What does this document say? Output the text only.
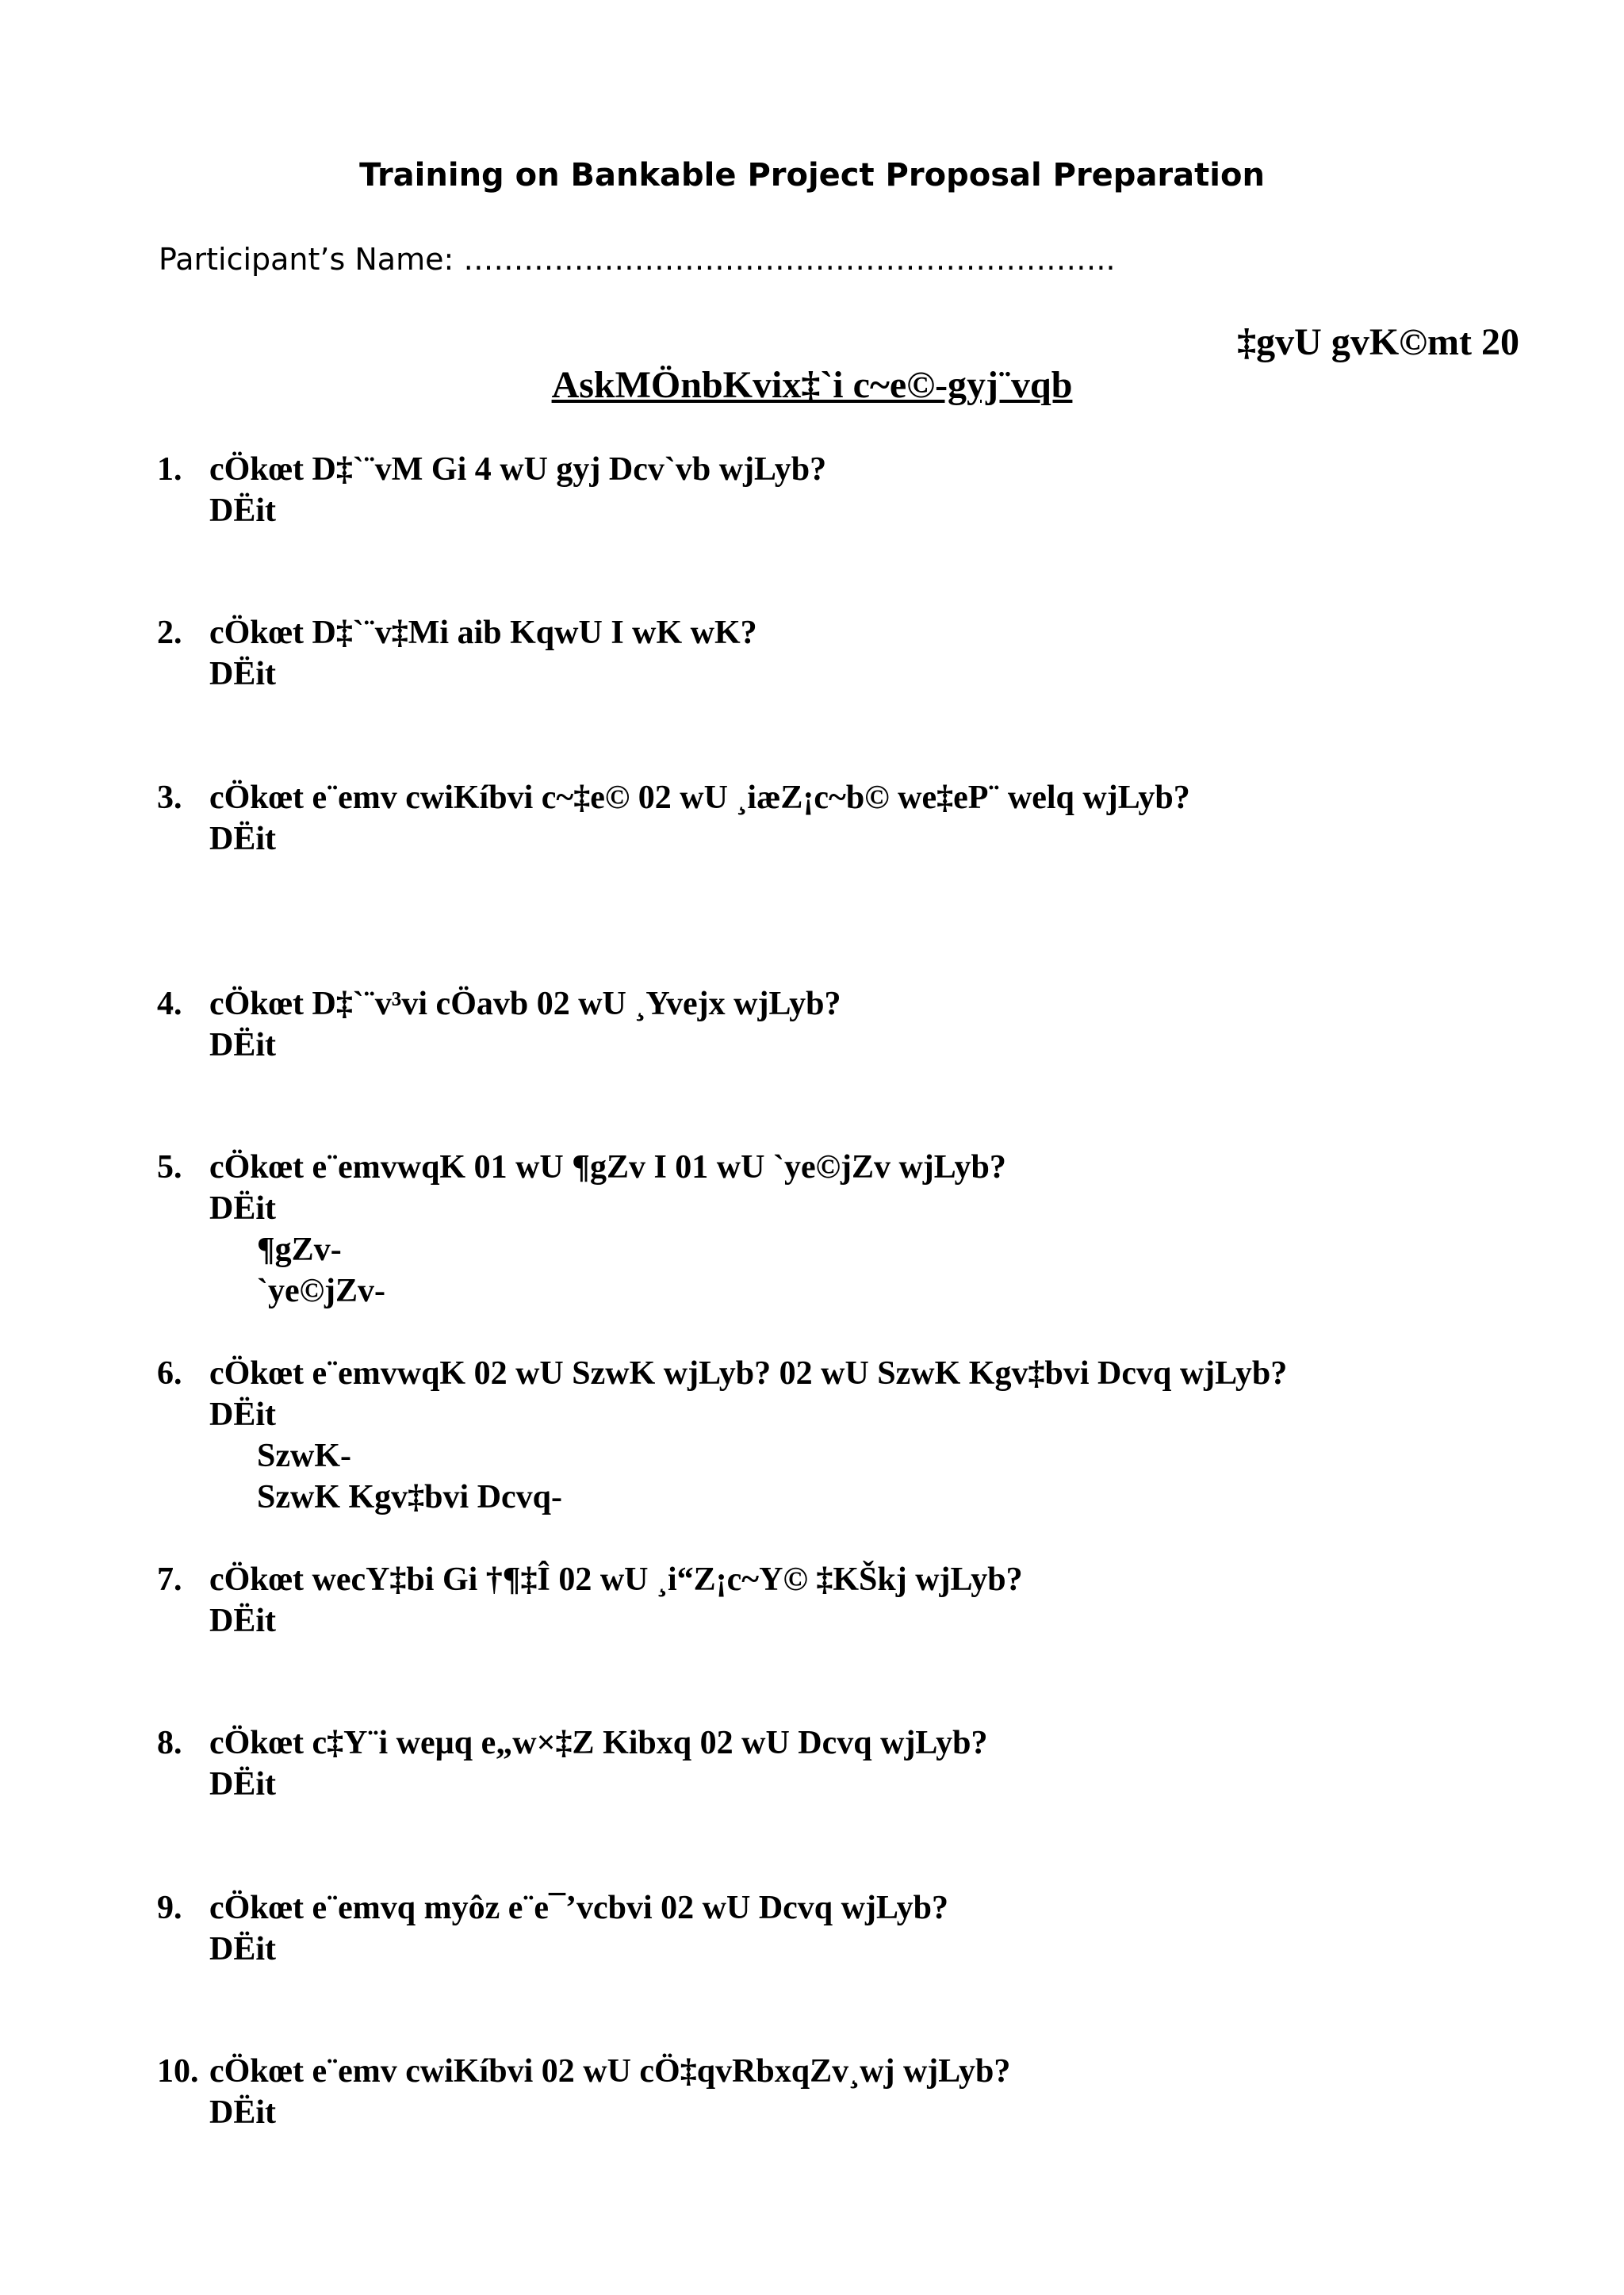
Training on Bankable Project Proposal Preparation
Participant’s Name: ………………………………………………………..
‡gvU gvK©mt 20
AskMÖnbKvix‡`i c~e©-gyj¨vqb
1. cÖkœt D‡`¨vM Gi 4 wU gyj Dcv`vb wjLyb?
DËit
2. cÖkœt D‡`¨v‡Mi aib KqwU I wK wK?
DËit
3. cÖkœt e¨emv cwiKíbvi c~‡e© 02 wU ¸iæZ¡c~b© we‡eP¨ welq wjLyb?
DËit
4. cÖkœt D‡`¨v³vi cÖavb 02 wU ¸Yvejx wjLyb?
DËit
5. cÖkœt e¨emvwqK 01 wU ¶gZv I 01 wU `ye©jZv wjLyb?
DËit
¶gZv-
`ye©jZv-
6. cÖkœt e¨emvwqK 02 wU SzwK wjLyb? 02 wU SzwK Kgv‡bvi Dcvq wjLyb?
DËit
SzwK-
SzwK Kgv‡bvi Dcvq-
7. cÖkœt wecY‡bi Gi †¶‡Î 02 wU ¸i“Z¡c~Y© ‡KŠkj wjLyb?
DËit
8. cÖkœt c‡Y¨i weµq e„w×‡Z Kibxq 02 wU Dcvq wjLyb?
DËit
9. cÖkœt e¨emvq myôz e¨e¯’vcbvi 02 wU Dcvq wjLyb?
DËit
10. cÖkœt e¨emv cwiKíbvi 02 wU cÖ‡qvRbxqZv¸wj wjLyb?
DËit
